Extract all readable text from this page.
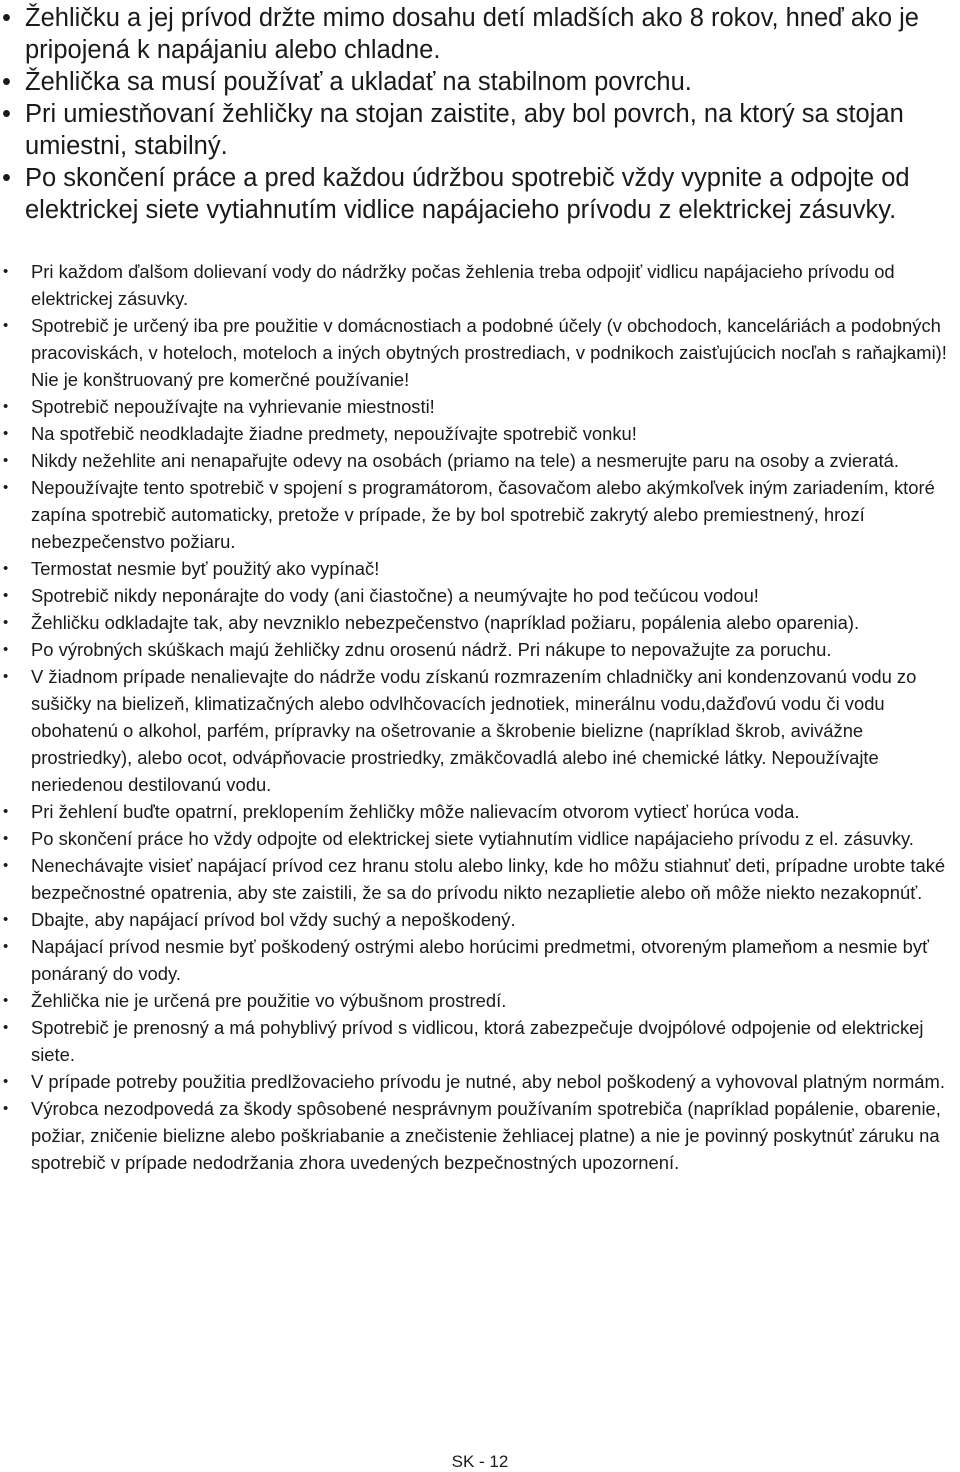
• Žehličku a jej prívod držte mimo dosahu detí mladších ako 8 rokov, hneď ako je pripojená k napájaniu alebo chladne.
• Žehlička sa musí používať a ukladať na stabilnom povrchu.
• Pri umiestňovaní žehličky na stojan zaistite, aby bol povrch, na ktorý sa stojan umiestni, stabilný.
• Po skončení práce a pred každou údržbou spotrebič vždy vypnite a odpojte od elektrickej siete vytiahnutím vidlice napájacieho prívodu z elektrickej zásuvky.
• Pri každom ďalšom dolievaní vody do nádržky počas žehlenia treba odpojiť vidlicu napájacieho prívodu od elektrickej zásuvky.
• Spotrebič je určený iba pre použitie v domácnostiach a podobné účely (v obchodoch, kanceláriách a podobných pracoviskách, v hoteloch, moteloch a iných obytných prostrediach, v podnikoch zaisťujúcich nocľah s raňajkami)! Nie je konštruovaný pre komerčné používanie!
• Spotrebič nepoužívajte na vyhrievanie miestnosti!
• Na spotřebič neodkladajte žiadne predmety, nepoužívajte spotrebič vonku!
• Nikdy nežehlite ani nenapařujte odevy na osobách (priamo na tele) a nesmerujte paru na osoby a zvieratá.
• Nepoužívajte tento spotrebič v spojení s programátorom, časovačom alebo akýmkoľvek iným zariadením, ktoré zapína spotrebič automaticky, pretože v prípade, že by bol spotrebič zakrytý alebo premiestnený, hrozí nebezpečenstvo požiaru.
• Termostat nesmie byť použitý ako vypínač!
• Spotrebič nikdy neponárajte do vody (ani čiastočne) a neumývajte ho pod tečúcou vodou!
• Žehličku odkladajte tak, aby nevzniklo nebezpečenstvo (napríklad požiaru, popálenia alebo oparenia).
• Po výrobných skúškach majú žehličky zdnu orosenú nádrž. Pri nákupe to nepovažujte za poruchu.
• V žiadnom prípade nenalievajte do nádrže vodu získanú rozmrazením chladničky ani kondenzovanú vodu zo sušičky na bielizeň, klimatizačných alebo odvlhčovacích jednotiek, minerálnu vodu,dažďovú vodu či vodu obohatenú o alkohol, parfém, prípravky na ošetrovanie a škrobenie bielizne (napríklad škrob, avivážne prostriedky), alebo ocot, odvápňovacie prostriedky, zmäkčovadlá alebo iné chemické látky. Nepoužívajte neriedenou destilovanú vodu.
• Pri žehlení buďte opatrní, preklopením žehličky môže nalievacím otvorom vytiecť horúca voda.
• Po skončení práce ho vždy odpojte od elektrickej siete vytiahnutím vidlice napájacieho prívodu z el. zásuvky.
• Nenechávajte visieť napájací prívod cez hranu stolu alebo linky, kde ho môžu stiahnuť deti, prípadne urobte také bezpečnostné opatrenia, aby ste zaistili, že sa do prívodu nikto nezaplietie alebo oň môže niekto nezakopnúť.
• Dbajte, aby napájací prívod bol vždy suchý a nepoškodený.
• Napájací prívod nesmie byť poškodený ostrými alebo horúcimi predmetmi, otvoreným plameňom a nesmie byť ponáraný do vody.
• Žehlička nie je určená pre použitie vo výbušnom prostredí.
• Spotrebič je prenosný a má pohyblivý prívod s vidlicou, ktorá zabezpečuje dvojpólové odpojenie od elektrickej siete.
• V prípade potreby použitia predlžovacieho prívodu je nutné, aby nebol poškodený a vyhovoval platným normám.
• Výrobca nezodpovedá za škody spôsobené nesprávnym používaním spotrebiča (napríklad popálenie, obarenie, požiar, zničenie bielizne alebo poškriabanie a znečistenie žehliacej platne) a nie je povinný poskytnúť záruku na spotrebič v prípade nedodržania zhora uvedených bezpečnostných upozornení.
SK - 12
